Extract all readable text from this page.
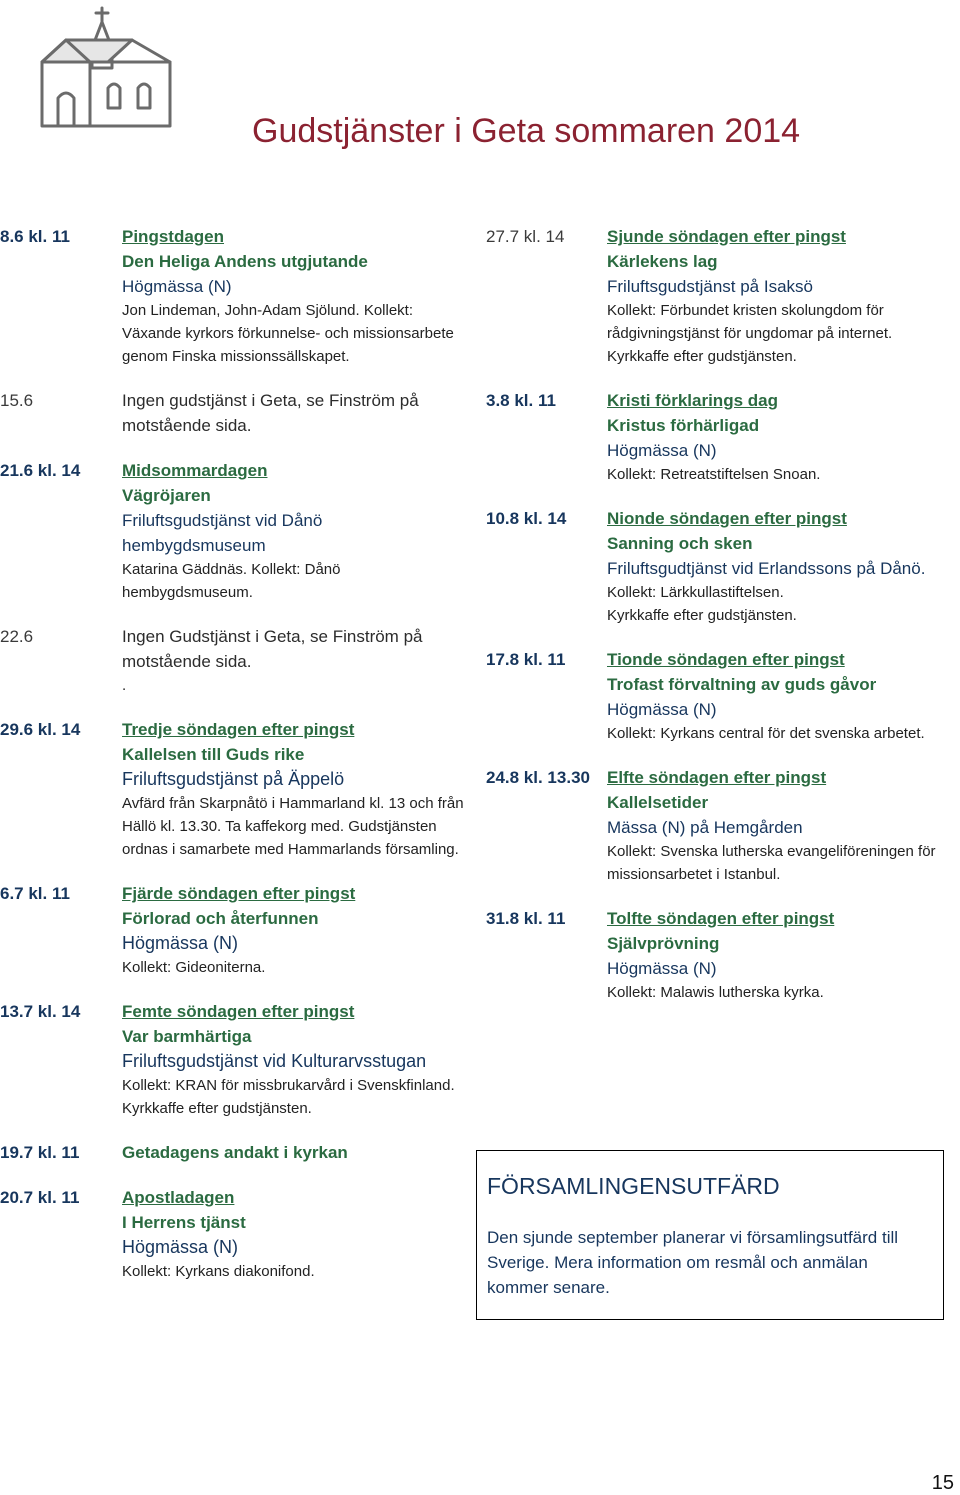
Gudstjänster i Geta sommaren 2014
8.6 kl. 11	Pingstdagen
Den Heliga Andens utgjutande
Högmässa (N)
Jon Lindeman, John-Adam Sjölund. Kollekt: Växande kyrkors förkunnelse- och missionsarbete genom Finska missionssällskapet.
15.6	Ingen gudstjänst i Geta, se Finström på motstående sida.
21.6 kl. 14 Midsommardagen
Vägröjaren
Friluftsgudstjänst vid Dånö hembygdsmuseum
Katarina Gäddnäs. Kollekt: Dånö hembygdsmuseum.
22.6	Ingen Gudstjänst i Geta, se Finström på motstående sida.
.
29.6 kl. 14 Tredje söndagen efter pingst
Kallelsen till Guds rike
Friluftsgudstjänst på Äppelö
Avfärd från Skarpnåtö i Hammarland kl. 13 och från Hällö kl. 13.30. Ta kaffekorg med. Gudstjänsten ordnas i samarbete med Hammarlands församling.
6.7 kl. 11	Fjärde söndagen efter pingst
Förlorad och återfunnen
Högmässa (N)
Kollekt: Gideoniterna.
13.7 kl. 14 Femte söndagen efter pingst
Var barmhärtiga
Friluftsgudstjänst vid Kulturarvsstugan
Kollekt: KRAN för missbrukarvård i Svenskfinland.
Kyrkkaffe efter gudstjänsten.
19.7 kl. 11	Getadagens andakt i kyrkan
20.7 kl. 11	Apostladagen
I Herrens tjänst
Högmässa (N)
Kollekt: Kyrkans diakonifond.
27.7 kl. 14	Sjunde söndagen efter pingst
Kärlekens lag
Friluftsgudstjänst på Isaksö
Kollekt: Förbundet kristen skolungdom för rådgivningstjänst för ungdomar på internet.
Kyrkkaffe efter gudstjänsten.
3.8 kl. 11	Kristi förklarings dag
Kristus förhärligad
Högmässa (N)
Kollekt: Retreatstiftelsen Snoan.
10.8 kl. 14 Nionde söndagen efter pingst
Sanning och sken
Friluftsgudtjänst vid Erlandssons på Dånö.
Kollekt: Lärkkullastiftelsen.
Kyrkkaffe efter gudstjänsten.
17.8 kl. 11 Tionde söndagen efter pingst
Trofast förvaltning av guds gåvor
Högmässa (N)
Kollekt: Kyrkans central för det svenska arbetet.
24.8 kl. 13.30 Elfte söndagen efter pingst
Kallelsetider
Mässa (N) på Hemgården
Kollekt: Svenska lutherska evangeliföreningen för missionsarbetet i Istanbul.
31.8 kl. 11 Tolfte söndagen efter pingst
Självprövning
Högmässa (N)
Kollekt: Malawis lutherska kyrka.
FÖRSAMLINGENSUTFÄRD
Den sjunde september planerar vi församlingsutfärd till Sverige. Mera information om resmål och anmälan kommer senare.
15
